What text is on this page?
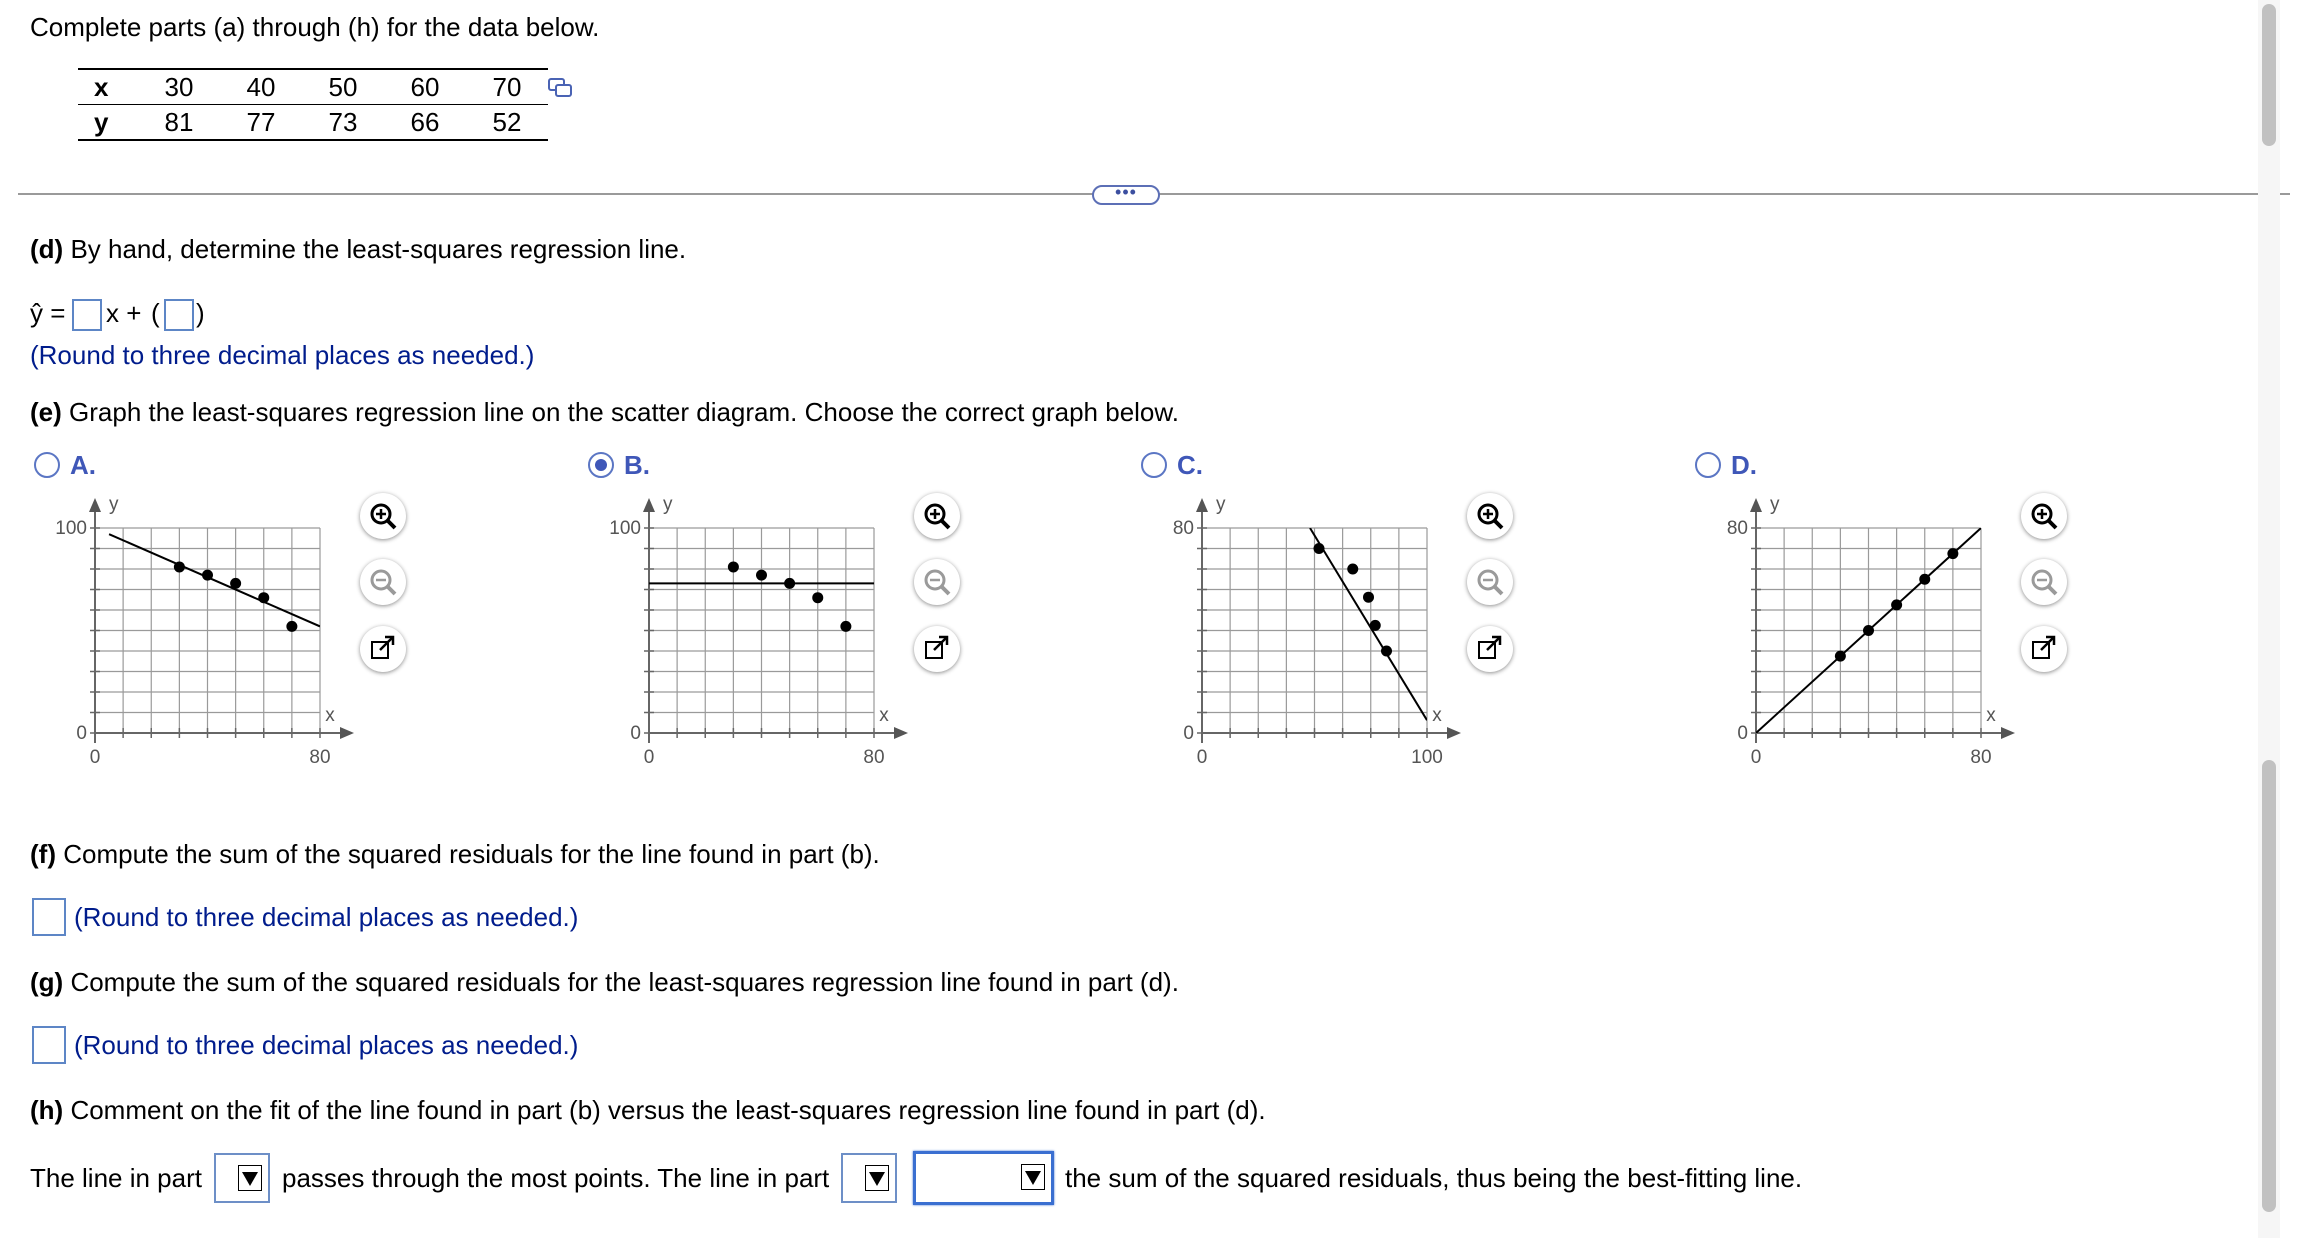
Complete parts (a) through (h) for the data below.
x	30	40	50	60	70
y	81	77	73	66	52
•••
(d) By hand, determine the least-squares regression line.
ŷ = x + ( )
(Round to three decimal places as needed.)
(e) Graph the least-squares regression line on the scatter diagram. Choose the correct graph below.
A.
100
0
0	80
y
x
B.
100
0
0	80
y
x
C.
80
0
0	100
y
x
D.
80
0
0	80
y
x
(f) Compute the sum of the squared residuals for the line found in part (b).
(Round to three decimal places as needed.)
(g) Compute the sum of the squared residuals for the least-squares regression line found in part (d).
(Round to three decimal places as needed.)
(h) Comment on the fit of the line found in part (b) versus the least-squares regression line found in part (d).
The line in part	passes through the most points. The line in part	the sum of the squared residuals, thus being the best-fitting line.
